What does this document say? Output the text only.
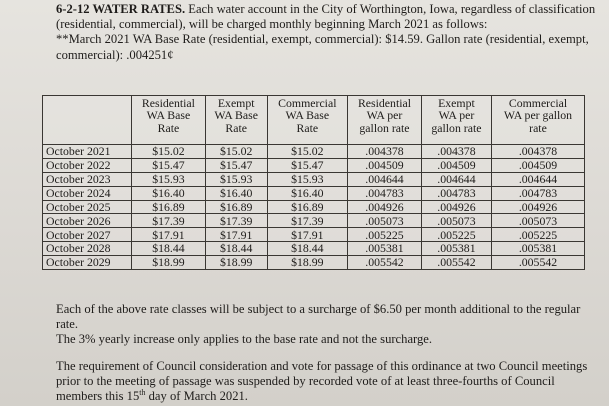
6-2-12 WATER RATES. Each water account in the City of Worthington, Iowa, regardless of classification (residential, commercial), will be charged monthly beginning March 2021 as follows:

**March 2021 WA Base Rate (residential, exempt, commercial): $14.59. Gallon rate (residential, exempt, commercial): .004251¢

	Residential
WA Base
Rate	Exempt
WA Base
Rate	Commercial
WA Base
Rate	Residential
WA per
gallon rate	Exempt
WA per
gallon rate	Commercial
WA per gallon
rate

October 2021	$15.02	$15.02	$15.02	.004378	.004378	.004378
October 2022	$15.47	$15.47	$15.47	.004509	.004509	.004509
October 2023	$15.93	$15.93	$15.93	.004644	.004644	.004644
October 2024	$16.40	$16.40	$16.40	.004783	.004783	.004783
October 2025	$16.89	$16.89	$16.89	.004926	.004926	.004926
October 2026	$17.39	$17.39	$17.39	.005073	.005073	.005073
October 2027	$17.91	$17.91	$17.91	.005225	.005225	.005225
October 2028	$18.44	$18.44	$18.44	.005381	.005381	.005381
October 2029	$18.99	$18.99	$18.99	.005542	.005542	.005542

Each of the above rate classes will be subject to a surcharge of $6.50 per month additional to the regular rate.

The 3% yearly increase only applies to the base rate and not the surcharge.

The requirement of Council consideration and vote for passage of this ordinance at two Council meetings prior to the meeting of passage was suspended by recorded vote of at least three-fourths of Council members this 15th day of March 2021.
